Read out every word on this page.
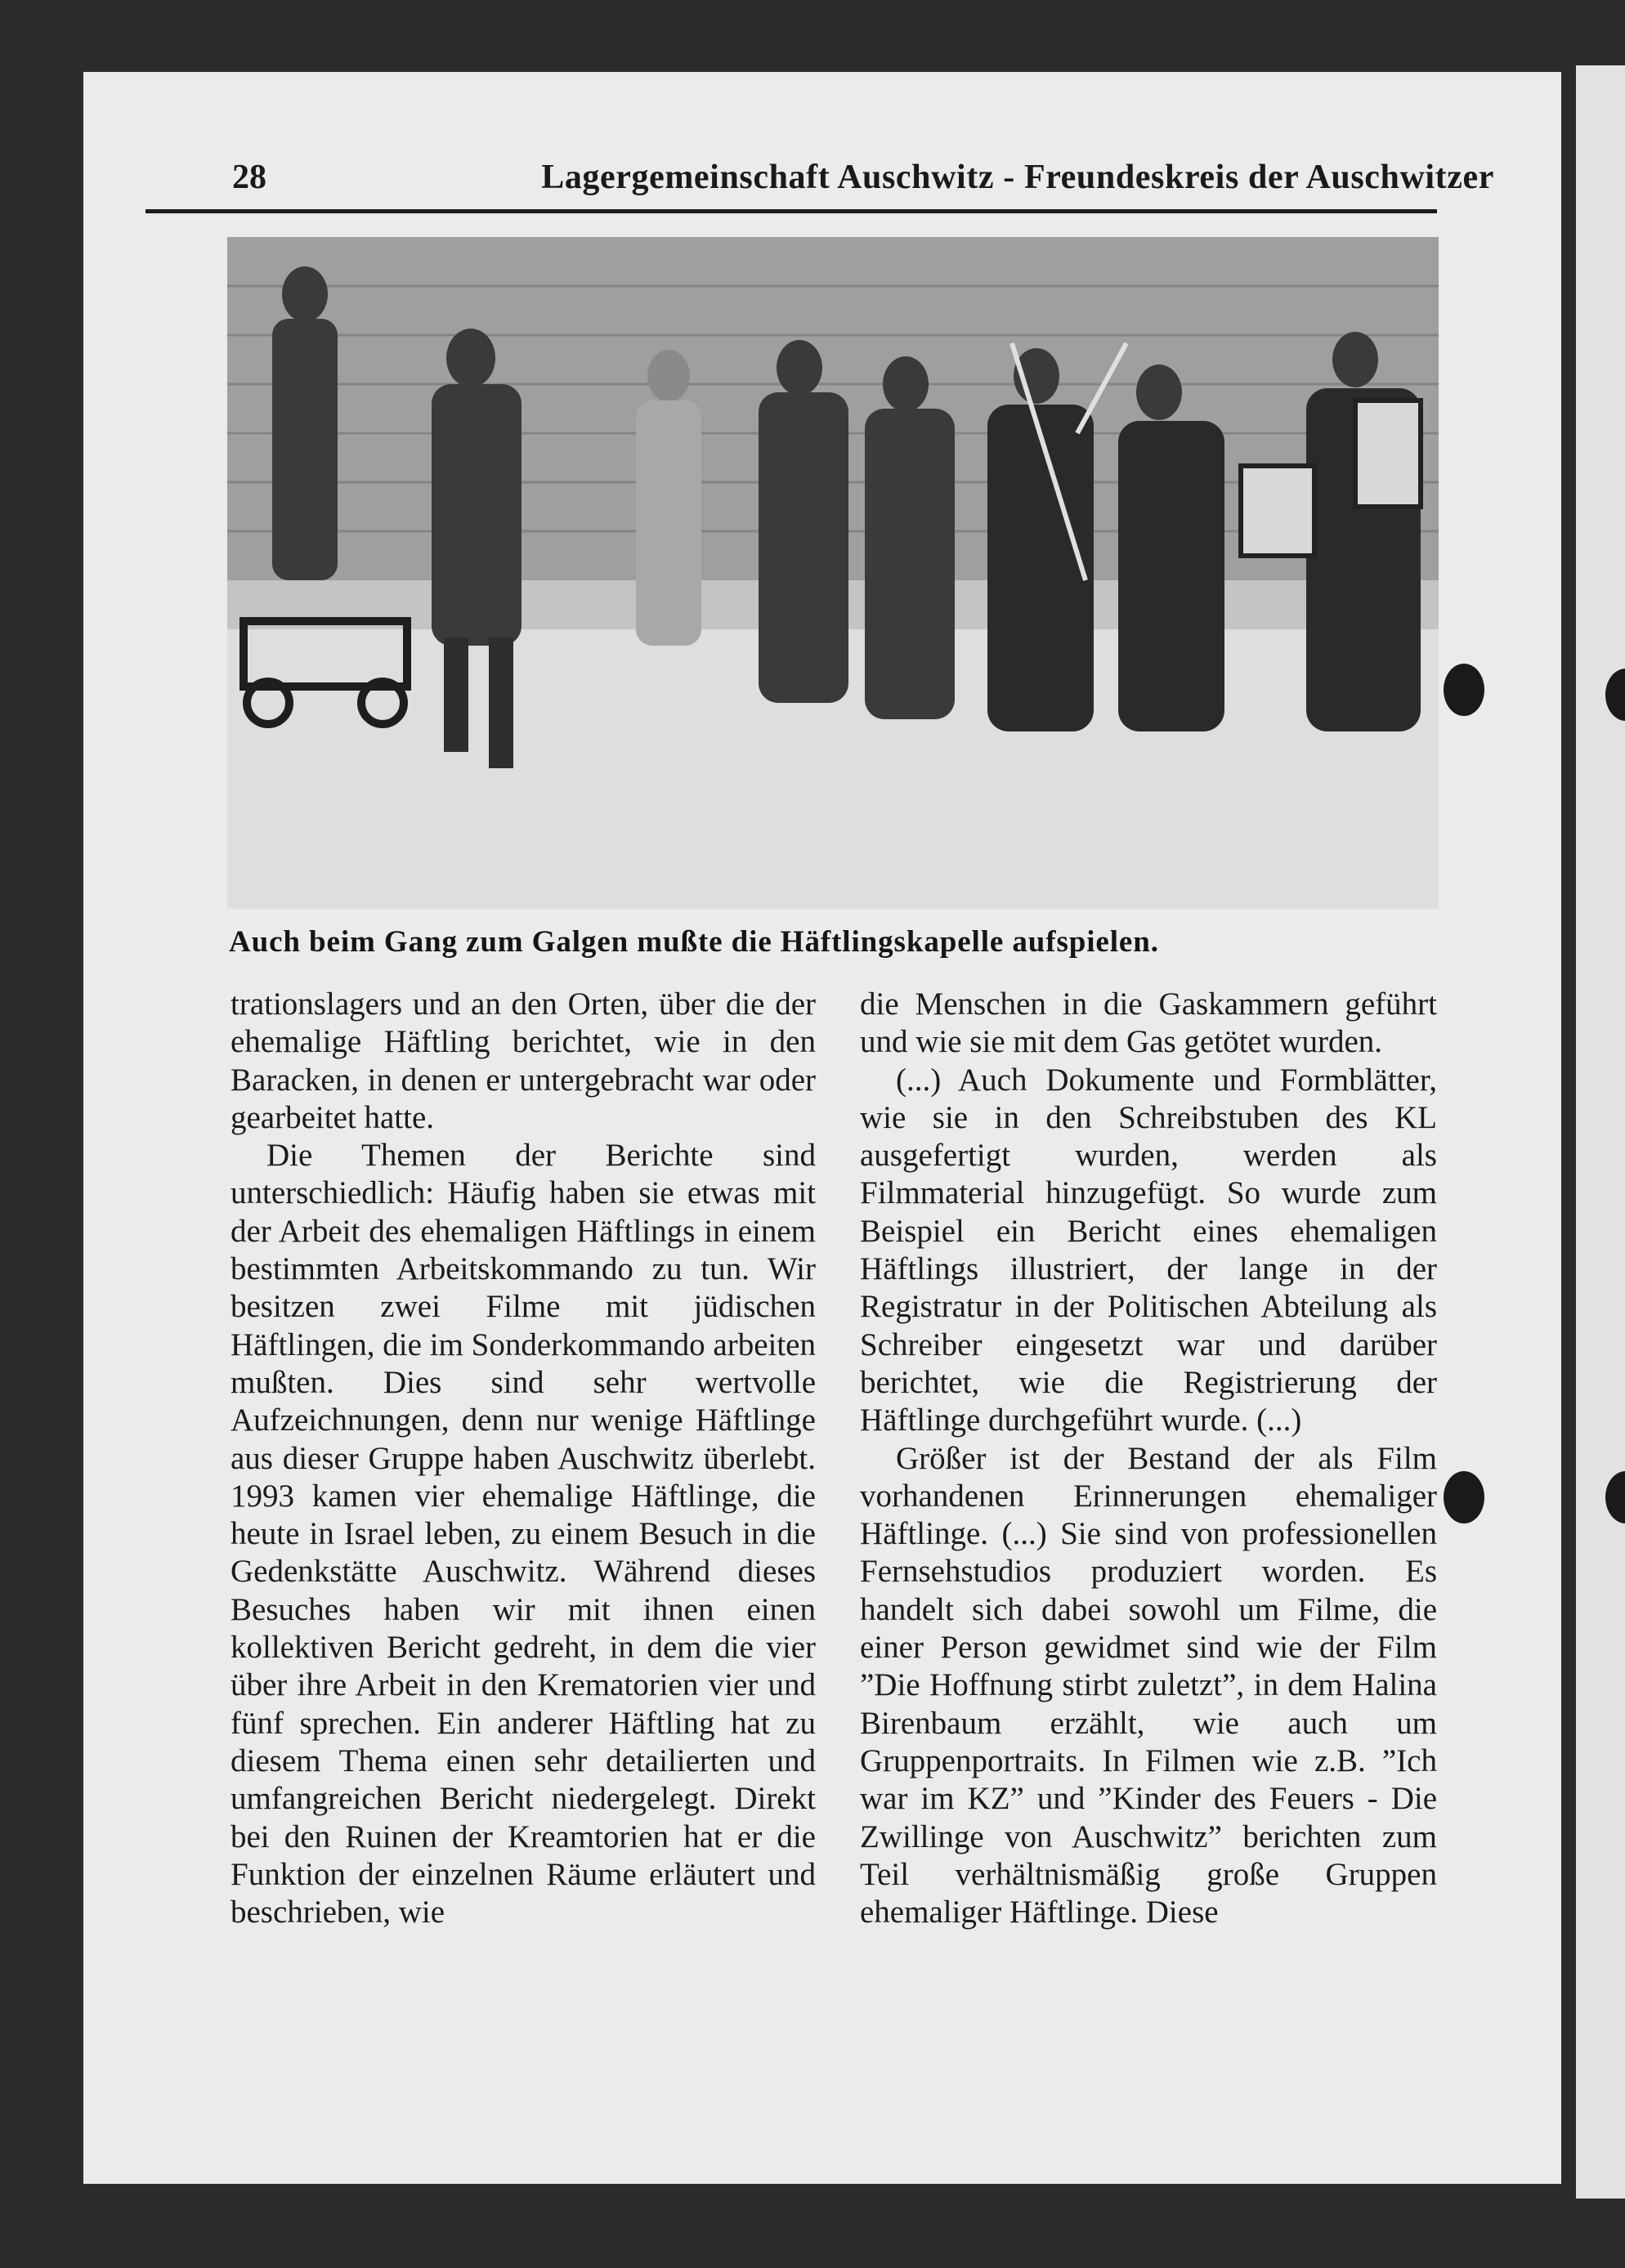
28	Lagergemeinschaft Auschwitz - Freundeskreis der Auschwitzer
Auch beim Gang zum Galgen mußte die Häftlingskapelle aufspielen.

trationslagers und an den Orten, über die der ehemalige Häftling berichtet, wie in den Baracken, in denen er untergebracht war oder gearbeitet hatte.

Die Themen der Berichte sind unterschiedlich: Häufig haben sie etwas mit der Arbeit des ehemaligen Häftlings in einem bestimmten Arbeitskommando zu tun. Wir besitzen zwei Filme mit jüdischen Häftlingen, die im Sonderkommando arbeiten mußten. Dies sind sehr wertvolle Aufzeichnungen, denn nur wenige Häftlinge aus dieser Gruppe haben Auschwitz überlebt. 1993 kamen vier ehemalige Häftlinge, die heute in Israel leben, zu einem Besuch in die Gedenkstätte Auschwitz. Während dieses Besuches haben wir mit ihnen einen kollektiven Bericht gedreht, in dem die vier über ihre Arbeit in den Krematorien vier und fünf sprechen. Ein anderer Häftling hat zu diesem Thema einen sehr detailierten und umfangreichen Bericht niedergelegt. Direkt bei den Ruinen der Kreamtorien hat er die Funktion der einzelnen Räume erläutert und beschrieben, wie

die Menschen in die Gaskammern geführt und wie sie mit dem Gas getötet wurden.

(...) Auch Dokumente und Formblätter, wie sie in den Schreibstuben des KL ausgefertigt wurden, werden als Filmmaterial hinzugefügt. So wurde zum Beispiel ein Bericht eines ehemaligen Häftlings illustriert, der lange in der Registratur in der Politischen Abteilung als Schreiber eingesetzt war und darüber berichtet, wie die Registrierung der Häftlinge durchgeführt wurde. (...)

Größer ist der Bestand der als Film vorhandenen Erinnerungen ehemaliger Häftlinge. (...) Sie sind von professionellen Fernsehstudios produziert worden. Es handelt sich dabei sowohl um Filme, die einer Person gewidmet sind wie der Film ”Die Hoffnung stirbt zuletzt”, in dem Halina Birenbaum erzählt, wie auch um Gruppenportraits. In Filmen wie z.B. ”Ich war im KZ” und ”Kinder des Feuers - Die Zwillinge von Auschwitz” berichten zum Teil verhältnismäßig große Gruppen ehemaliger Häftlinge. Diese
